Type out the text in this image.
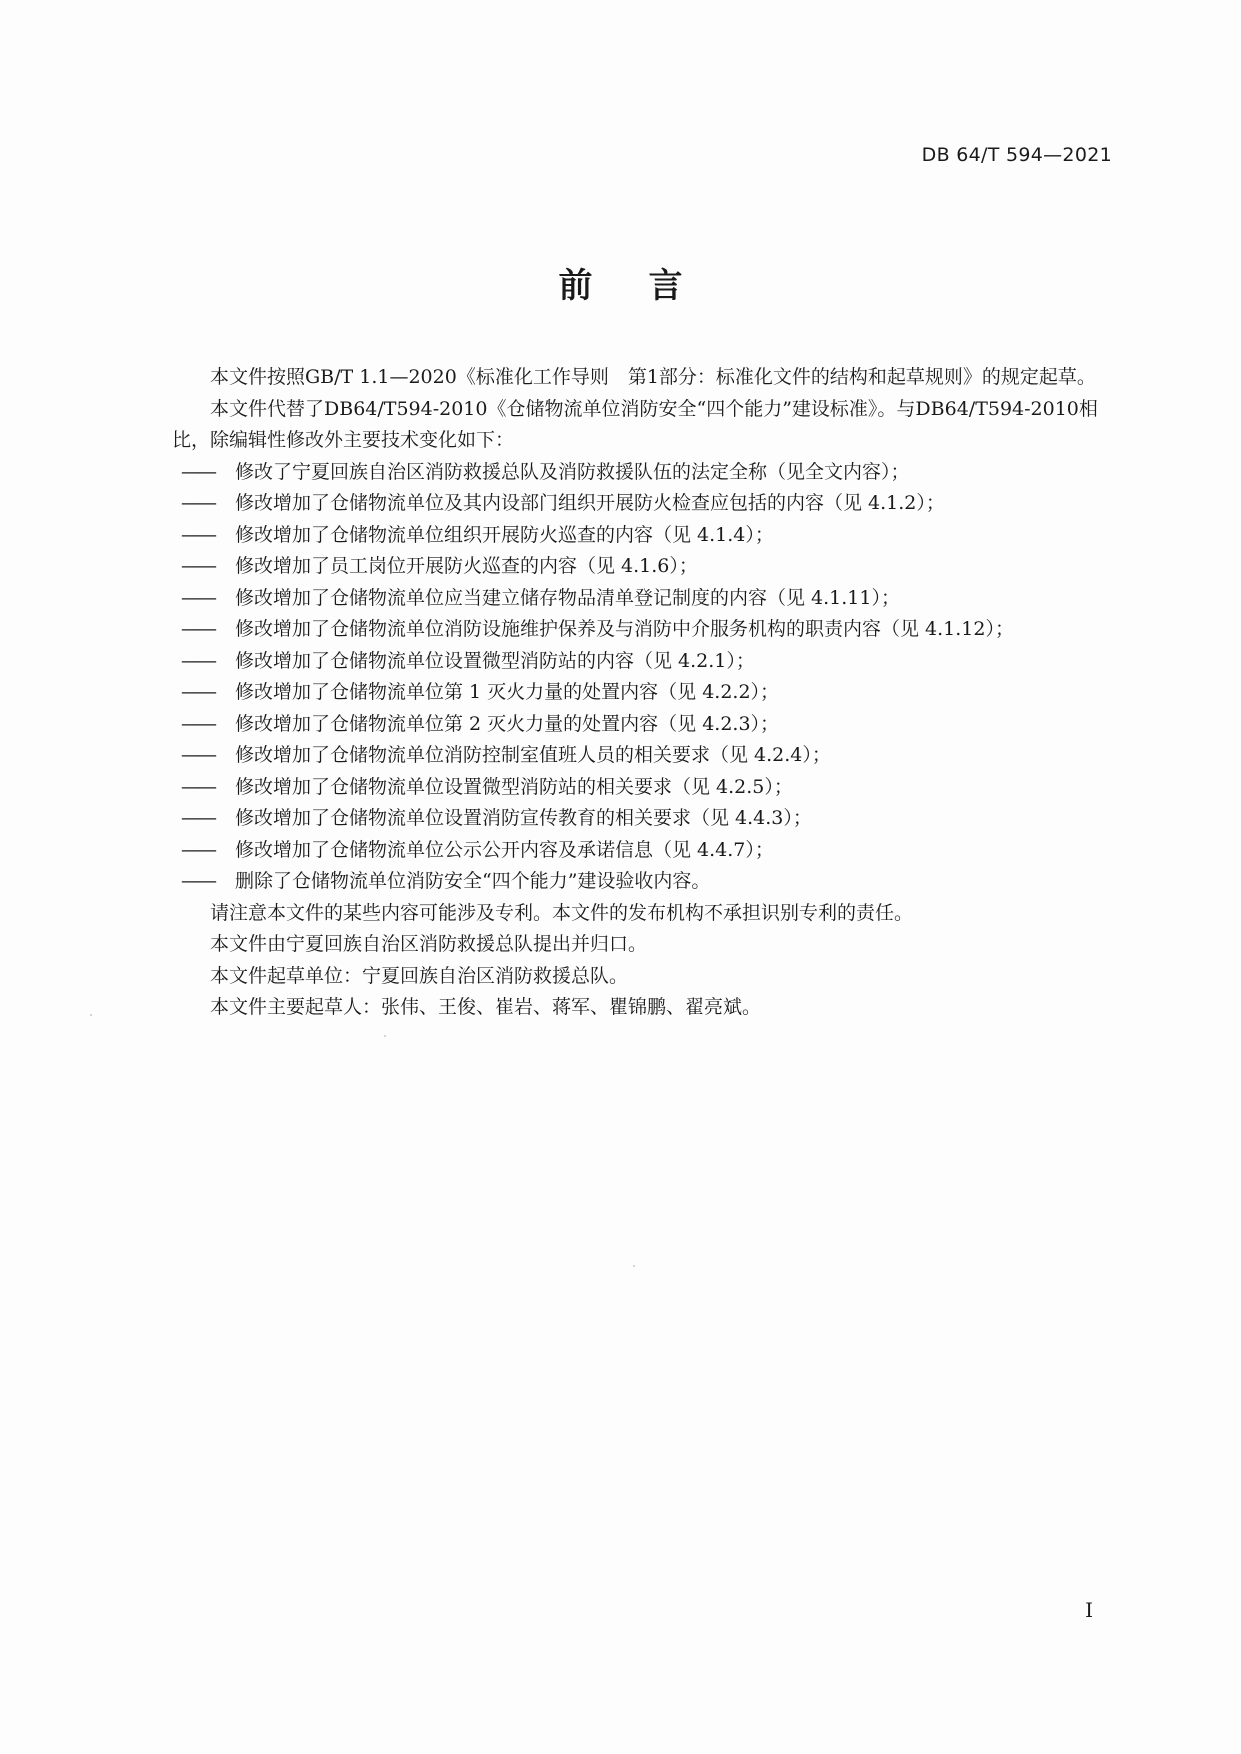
DB 64/T 594—2021
前言

本文件按照GB/T 1.1—2020《标准化工作导则　第1部分：标准化文件的结构和起草规则》的规定起草。

本文件代替了DB64/T594-2010《仓储物流单位消防安全“四个能力”建设标准》。与DB64/T594-2010相比，除编辑性修改外主要技术变化如下：

——	修改了宁夏回族自治区消防救援总队及消防救援队伍的法定全称（见全文内容）；
——	修改增加了仓储物流单位及其内设部门组织开展防火检查应包括的内容（见 4.1.2）；
——	修改增加了仓储物流单位组织开展防火巡查的内容（见 4.1.4）；
——	修改增加了员工岗位开展防火巡查的内容（见 4.1.6）；
——	修改增加了仓储物流单位应当建立储存物品清单登记制度的内容（见 4.1.11）；
——	修改增加了仓储物流单位消防设施维护保养及与消防中介服务机构的职责内容（见 4.1.12）；
——	修改增加了仓储物流单位设置微型消防站的内容（见 4.2.1）；
——	修改增加了仓储物流单位第 1 灭火力量的处置内容（见 4.2.2）；
——	修改增加了仓储物流单位第 2 灭火力量的处置内容（见 4.2.3）；
——	修改增加了仓储物流单位消防控制室值班人员的相关要求（见 4.2.4）；
——	修改增加了仓储物流单位设置微型消防站的相关要求（见 4.2.5）；
——	修改增加了仓储物流单位设置消防宣传教育的相关要求（见 4.4.3）；
——	修改增加了仓储物流单位公示公开内容及承诺信息（见 4.4.7）；
——	删除了仓储物流单位消防安全“四个能力”建设验收内容。

请注意本文件的某些内容可能涉及专利。本文件的发布机构不承担识别专利的责任。

本文件由宁夏回族自治区消防救援总队提出并归口。

本文件起草单位：宁夏回族自治区消防救援总队。

本文件主要起草人：张伟、王俊、崔岩、蒋军、瞿锦鹏、翟亮斌。

I
